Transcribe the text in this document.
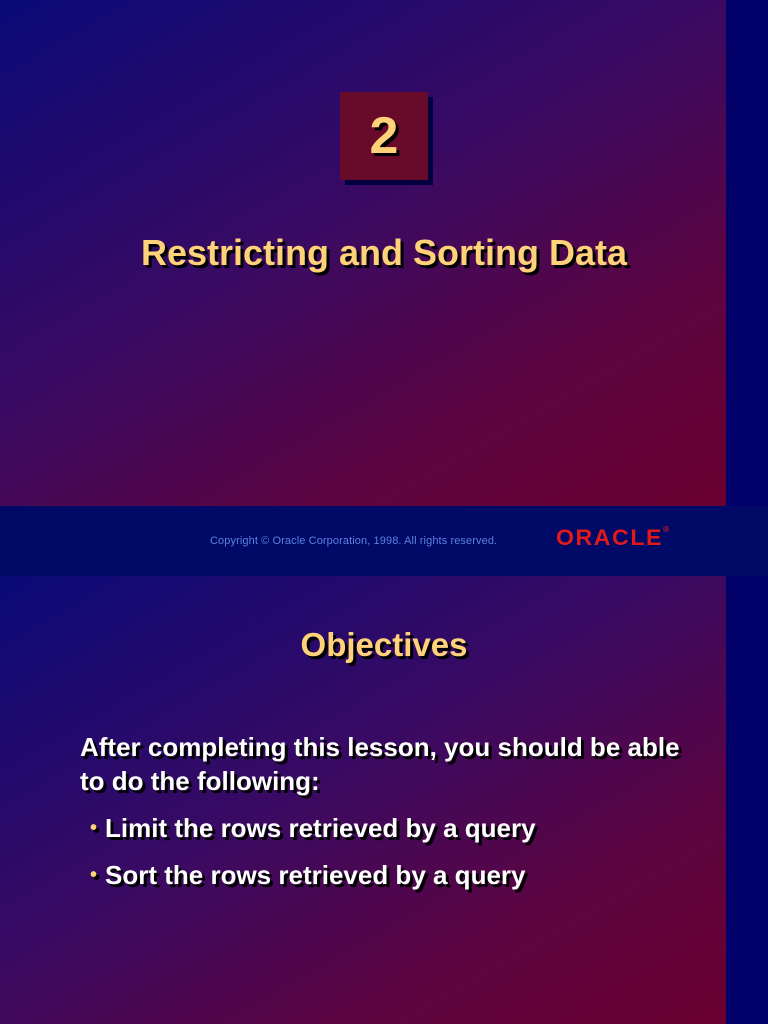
2
Restricting and Sorting Data
Copyright © Oracle Corporation, 1998. All rights reserved.	ORACLE®
Objectives
After completing this lesson, you should be able to do the following:
• Limit the rows retrieved by a query
• Sort the rows retrieved by a query
